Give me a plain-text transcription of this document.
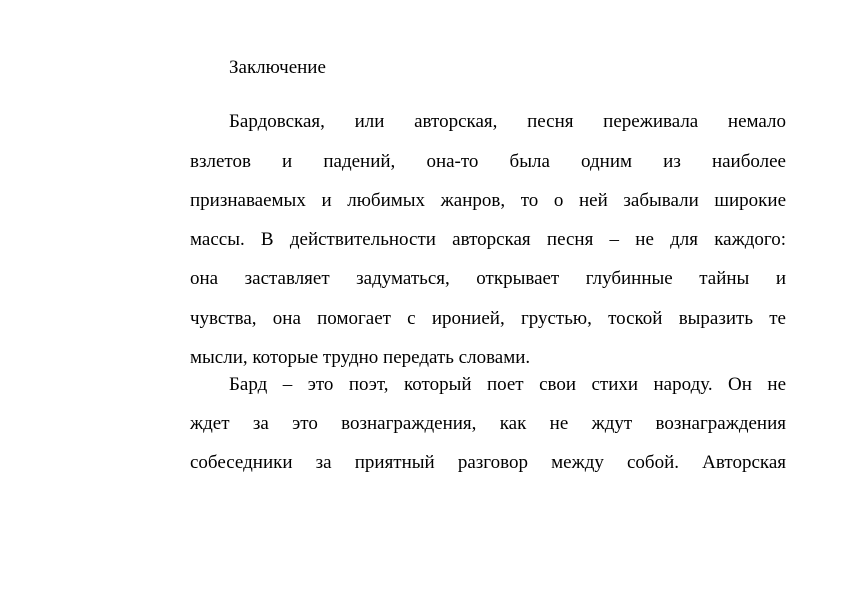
Заключение
Бардовская, или авторская, песня переживала немало
взлетов и падений, она-то была одним из наиболее
признаваемых и любимых жанров, то о ней забывали широкие
массы. В действительности авторская песня – не для каждого:
она заставляет задуматься, открывает глубинные тайны и
чувства, она помогает с иронией, грустью, тоской выразить те
мысли, которые трудно передать словами.
Бард – это поэт, который поет свои стихи народу. Он не
ждет за это вознаграждения, как не ждут вознаграждения
собеседники за приятный разговор между собой. Авторская
